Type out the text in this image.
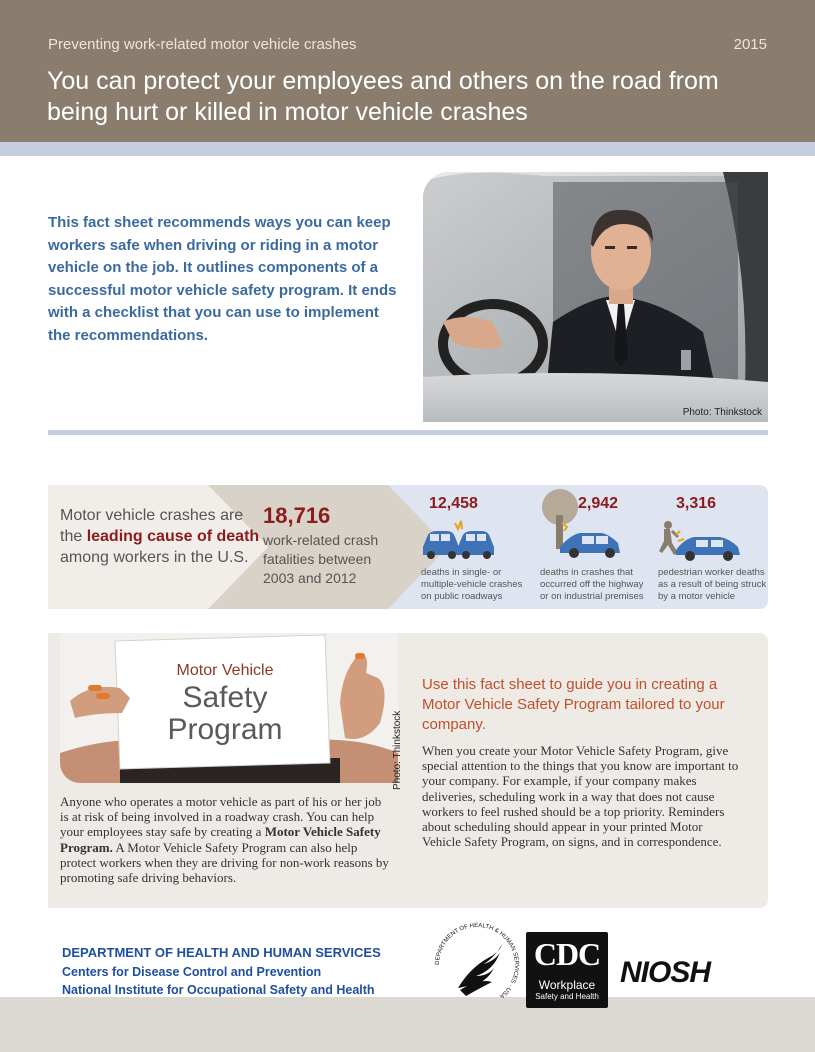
Preventing work-related motor vehicle crashes	2015
You can protect your employees and others on the road from being hurt or killed in motor vehicle crashes
This fact sheet recommends ways you can keep workers safe when driving or riding in a motor vehicle on the job. It outlines components of a successful motor vehicle safety program. It ends with a checklist that you can use to implement the recommendations.
Photo: Thinkstock
Motor vehicle crashes are the leading cause of death among workers in the U.S.
18,716
work-related crash fatalities between 2003 and 2012
12,458
deaths in single- or multiple-vehicle crashes on public roadways
2,942
deaths in crashes that occurred off the highway or on industrial premises
3,316
pedestrian worker deaths as a result of being struck by a motor vehicle
Motor Vehicle
Safety
Program	Photo: Thinkstock
Anyone who operates a motor vehicle as part of his or her job is at risk of being involved in a roadway crash. You can help your employees stay safe by creating a Motor Vehicle Safety Program. A Motor Vehicle Safety Program can also help protect workers when they are driving for non-work reasons by promoting safe driving behaviors.
Use this fact sheet to guide you in creating a Motor Vehicle Safety Program tailored to your company.
When you create your Motor Vehicle Safety Program, give special attention to the things that you know are important to your company. For example, if your company makes deliveries, scheduling work in a way that does not cause workers to feel rushed should be a top priority. Reminders about scheduling should appear in your printed Motor Vehicle Safety Program, on signs, and in correspondence.
DEPARTMENT OF HEALTH AND HUMAN SERVICES
Centers for Disease Control and Prevention
National Institute for Occupational Safety and Health
DEPARTMENT OF HEALTH & HUMAN SERVICES · USA
CDC
Workplace
Safety and Health
NIOSH
